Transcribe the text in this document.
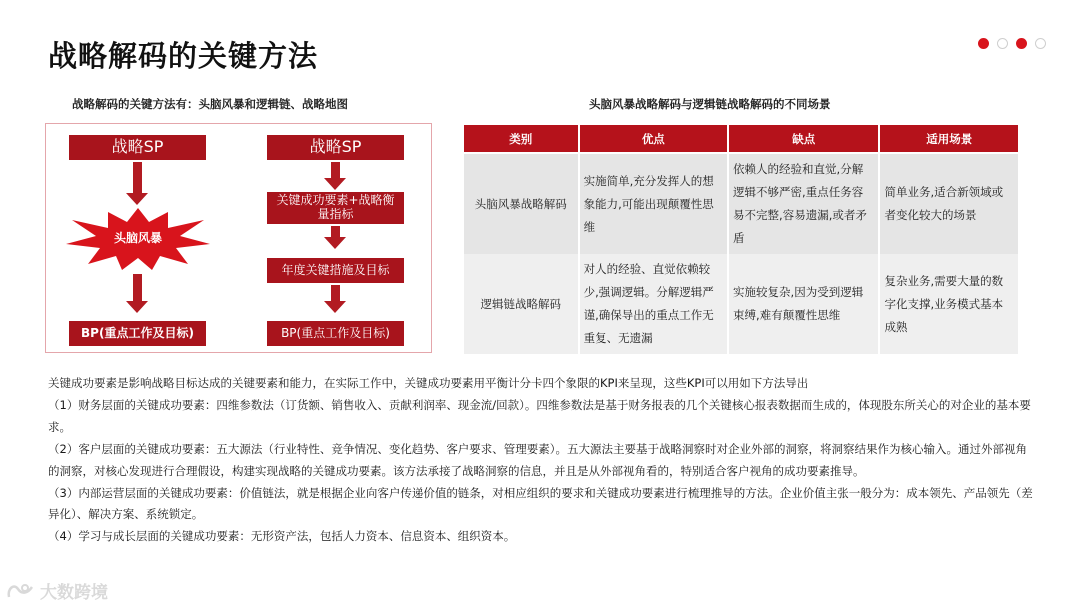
战略解码的关键方法
战略解码的关键方法有：头脑风暴和逻辑链、战略地图	头脑风暴战略解码与逻辑链战略解码的不同场景
战略SP
头脑风暴
BP(重点工作及目标)
战略SP
关键成功要素+战略衡量指标
年度关键措施及目标
BP(重点工作及目标)
类别	优点	缺点	适用场景
头脑风暴战略解码	实施简单,充分发挥人的想象能力,可能出现颠覆性思维	依赖人的经验和直觉,分解逻辑不够严密,重点任务容易不完整,容易遗漏,或者矛盾	简单业务,适合新领域或者变化较大的场景
逻辑链战略解码	对人的经验、直觉依赖较少,强调逻辑。分解逻辑严谨,确保导出的重点工作无重复、无遗漏	实施较复杂,因为受到逻辑束缚,难有颠覆性思维	复杂业务,需要大量的数字化支撑,业务模式基本成熟

关键成功要素是影响战略目标达成的关键要素和能力，在实际工作中，关键成功要素用平衡计分卡四个象限的KPI来呈现，这些KPI可以用如下方法导出

（1）财务层面的关键成功要素：四维参数法（订货额、销售收入、贡献利润率、现金流/回款）。四维参数法是基于财务报表的几个关键核心报表数据而生成的，体现股东所关心的对企业的基本要求。

（2）客户层面的关键成功要素：五大源法（行业特性、竞争情况、变化趋势、客户要求、管理要素）。五大源法主要基于战略洞察时对企业外部的洞察，将洞察结果作为核心输入。通过外部视角的洞察，对核心发现进行合理假设，构建实现战略的关键成功要素。该方法承接了战略洞察的信息，并且是从外部视角看的，特别适合客户视角的成功要素推导。

（3）内部运营层面的关键成功要素：价值链法，就是根据企业向客户传递价值的链条，对相应组织的要求和关键成功要素进行梳理推导的方法。企业价值主张一般分为：成本领先、产品领先（差异化）、解决方案、系统锁定。

（4）学习与成长层面的关键成功要素：无形资产法，包括人力资本、信息资本、组织资本。

大数跨境
